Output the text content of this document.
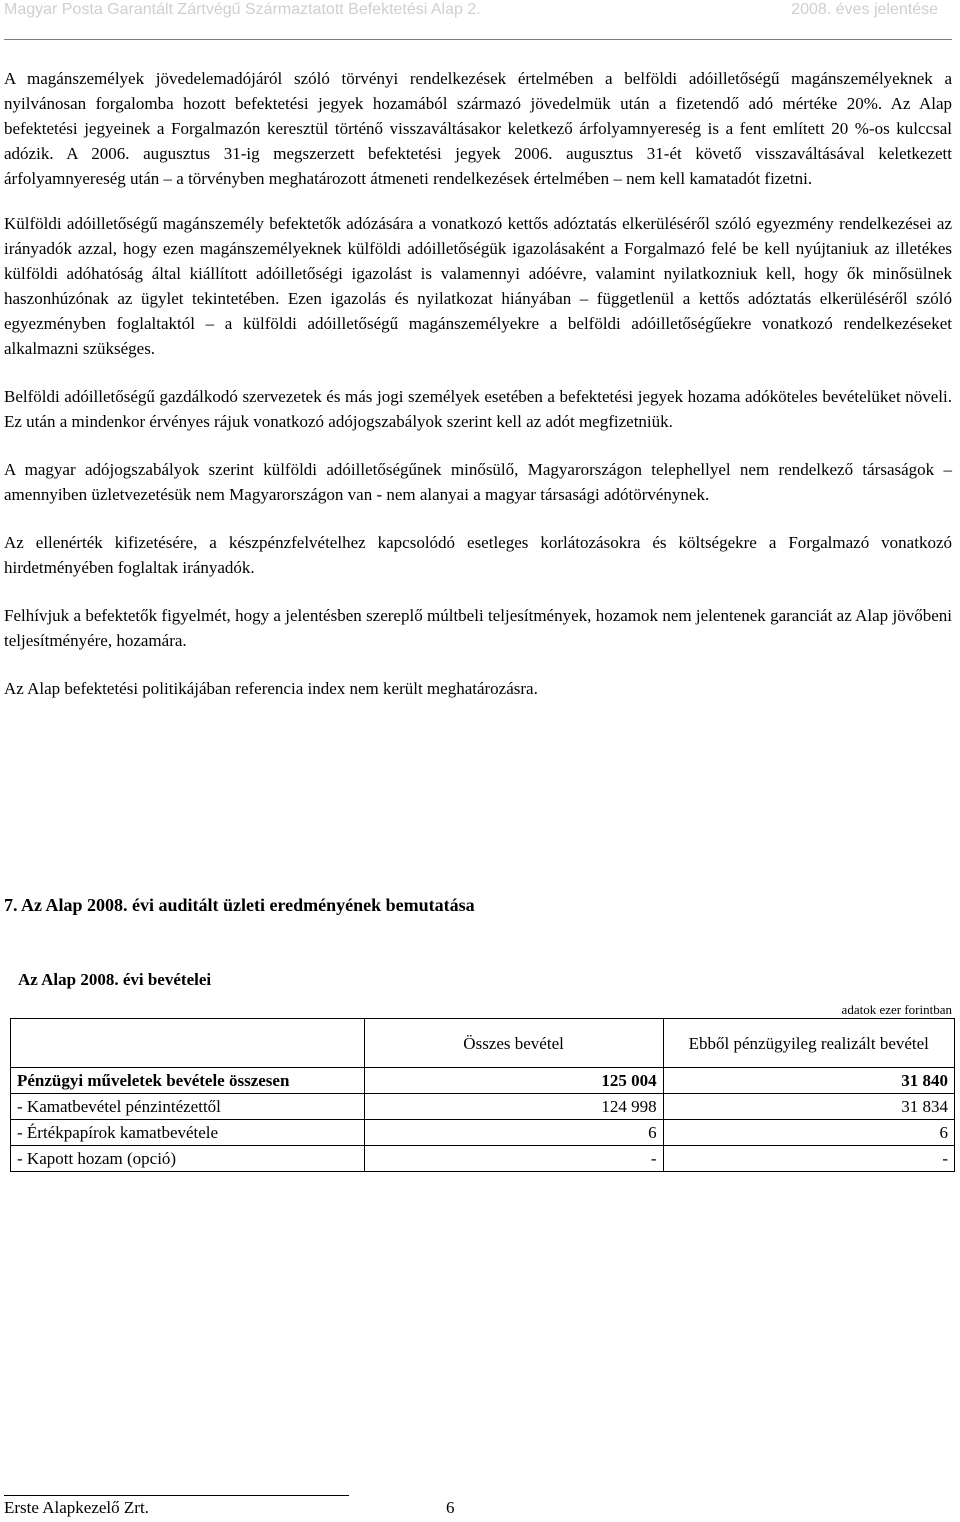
Magyar Posta Garantált Zártvégű Származtatott Befektetési Alap 2.	2008. éves jelentése

A magánszemélyek jövedelemadójáról szóló törvényi rendelkezések értelmében a belföldi adóilletőségű magánszemélyeknek a nyilvánosan forgalomba hozott befektetési jegyek hozamából származó jövedelmük után a fizetendő adó mértéke 20%. Az Alap befektetési jegyeinek a Forgalmazón keresztül történő visszaváltásakor keletkező árfolyamnyereség is a fent említett 20 %-os kulccsal adózik. A 2006. augusztus 31-ig megszerzett befektetési jegyek 2006. augusztus 31-ét követő visszaváltásával keletkezett árfolyamnyereség után – a törvényben meghatározott átmeneti rendelkezések értelmében – nem kell kamatadót fizetni.

Külföldi adóilletőségű magánszemély befektetők adózására a vonatkozó kettős adóztatás elkerüléséről szóló egyezmény rendelkezései az irányadók azzal, hogy ezen magánszemélyeknek külföldi adóilletőségük igazolásaként a Forgalmazó felé be kell nyújtaniuk az illetékes külföldi adóhatóság által kiállított adóilletőségi igazolást is valamennyi adóévre, valamint nyilatkozniuk kell, hogy ők minősülnek haszonhúzónak az ügylet tekintetében. Ezen igazolás és nyilatkozat hiányában – függetlenül a kettős adóztatás elkerüléséről szóló egyezményben foglaltaktól – a külföldi adóilletőségű magánszemélyekre a belföldi adóilletőségűekre vonatkozó rendelkezéseket alkalmazni szükséges.

Belföldi adóilletőségű gazdálkodó szervezetek és más jogi személyek esetében a befektetési jegyek hozama adóköteles bevételüket növeli. Ez után a mindenkor érvényes rájuk vonatkozó adójogszabályok szerint kell az adót megfizetniük.

A magyar adójogszabályok szerint külföldi adóilletőségűnek minősülő, Magyarországon telephellyel nem rendelkező társaságok – amennyiben üzletvezetésük nem Magyarországon van - nem alanyai a magyar társasági adótörvénynek.

Az ellenérték kifizetésére, a készpénzfelvételhez kapcsolódó esetleges korlátozásokra és költségekre a Forgalmazó vonatkozó hirdetményében foglaltak irányadók.

Felhívjuk a befektetők figyelmét, hogy a jelentésben szereplő múltbeli teljesítmények, hozamok nem jelentenek garanciát az Alap jövőbeni teljesítményére, hozamára.

Az Alap befektetési politikájában referencia index nem került meghatározásra.

7. Az Alap 2008. évi auditált üzleti eredményének bemutatása
Az Alap 2008. évi bevételei
adatok ezer forintban
	Összes bevétel	Ebből pénzügyileg realizált bevétel
Pénzügyi műveletek bevétele összesen	125 004	31 840
- Kamatbevétel pénzintézettől	124 998	31 834
- Értékpapírok kamatbevétele	6	6
- Kapott hozam (opció)	-	-
Erste Alapkezelő Zrt.	6
